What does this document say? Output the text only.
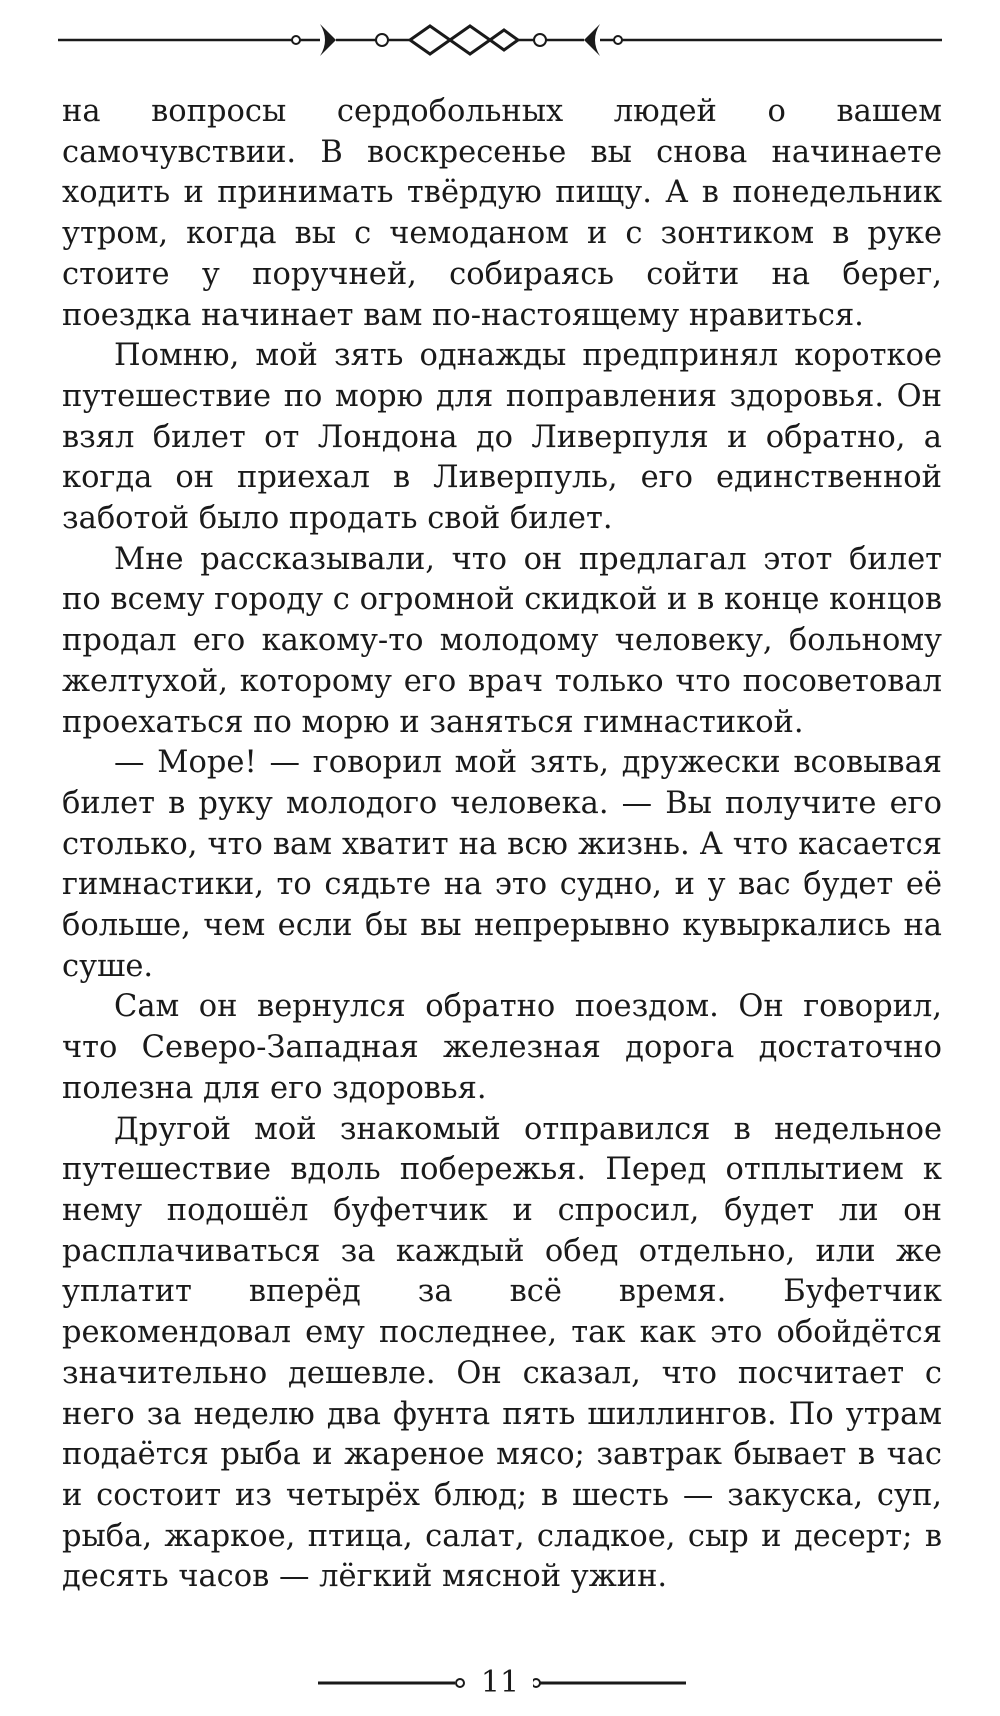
на вопросы сердобольных людей о вашем самочувствии. В воскресенье вы снова начинаете ходить и принимать твёрдую пищу. А в понедельник утром, когда вы с чемоданом и с зонтиком в руке стоите у поручней, собираясь сойти на берег, поездка начинает вам по-настоящему нравиться.

Помню, мой зять однажды предпринял короткое путешествие по морю для поправления здоровья. Он взял билет от Лондона до Ливерпуля и обратно, а когда он приехал в Ливерпуль, его единственной заботой было продать свой билет.

Мне рассказывали, что он предлагал этот билет по всему городу с огромной скидкой и в конце концов продал его какому-то молодому человеку, больному желтухой, которому его врач только что посоветовал проехаться по морю и заняться гимнастикой.

— Море! — говорил мой зять, дружески всовывая билет в руку молодого человека. — Вы получите его столько, что вам хватит на всю жизнь. А что касается гимнастики, то сядьте на это судно, и у вас будет её больше, чем если бы вы непрерывно кувыркались на суше.

Сам он вернулся обратно поездом. Он говорил, что Северо-Западная железная дорога достаточно полезна для его здоровья.

Другой мой знакомый отправился в недельное путешествие вдоль побережья. Перед отплытием к нему подошёл буфетчик и спросил, будет ли он расплачиваться за каждый обед отдельно, или же уплатит вперёд за всё время. Буфетчик рекомендовал ему последнее, так как это обойдётся значительно дешевле. Он сказал, что посчитает с него за неделю два фунта пять шиллингов. По утрам подаётся рыба и жареное мясо; завтрак бывает в час и состоит из четырёх блюд; в шесть — закуска, суп, рыба, жаркое, птица, салат, сладкое, сыр и десерт; в десять часов — лёгкий мясной ужин.

11
